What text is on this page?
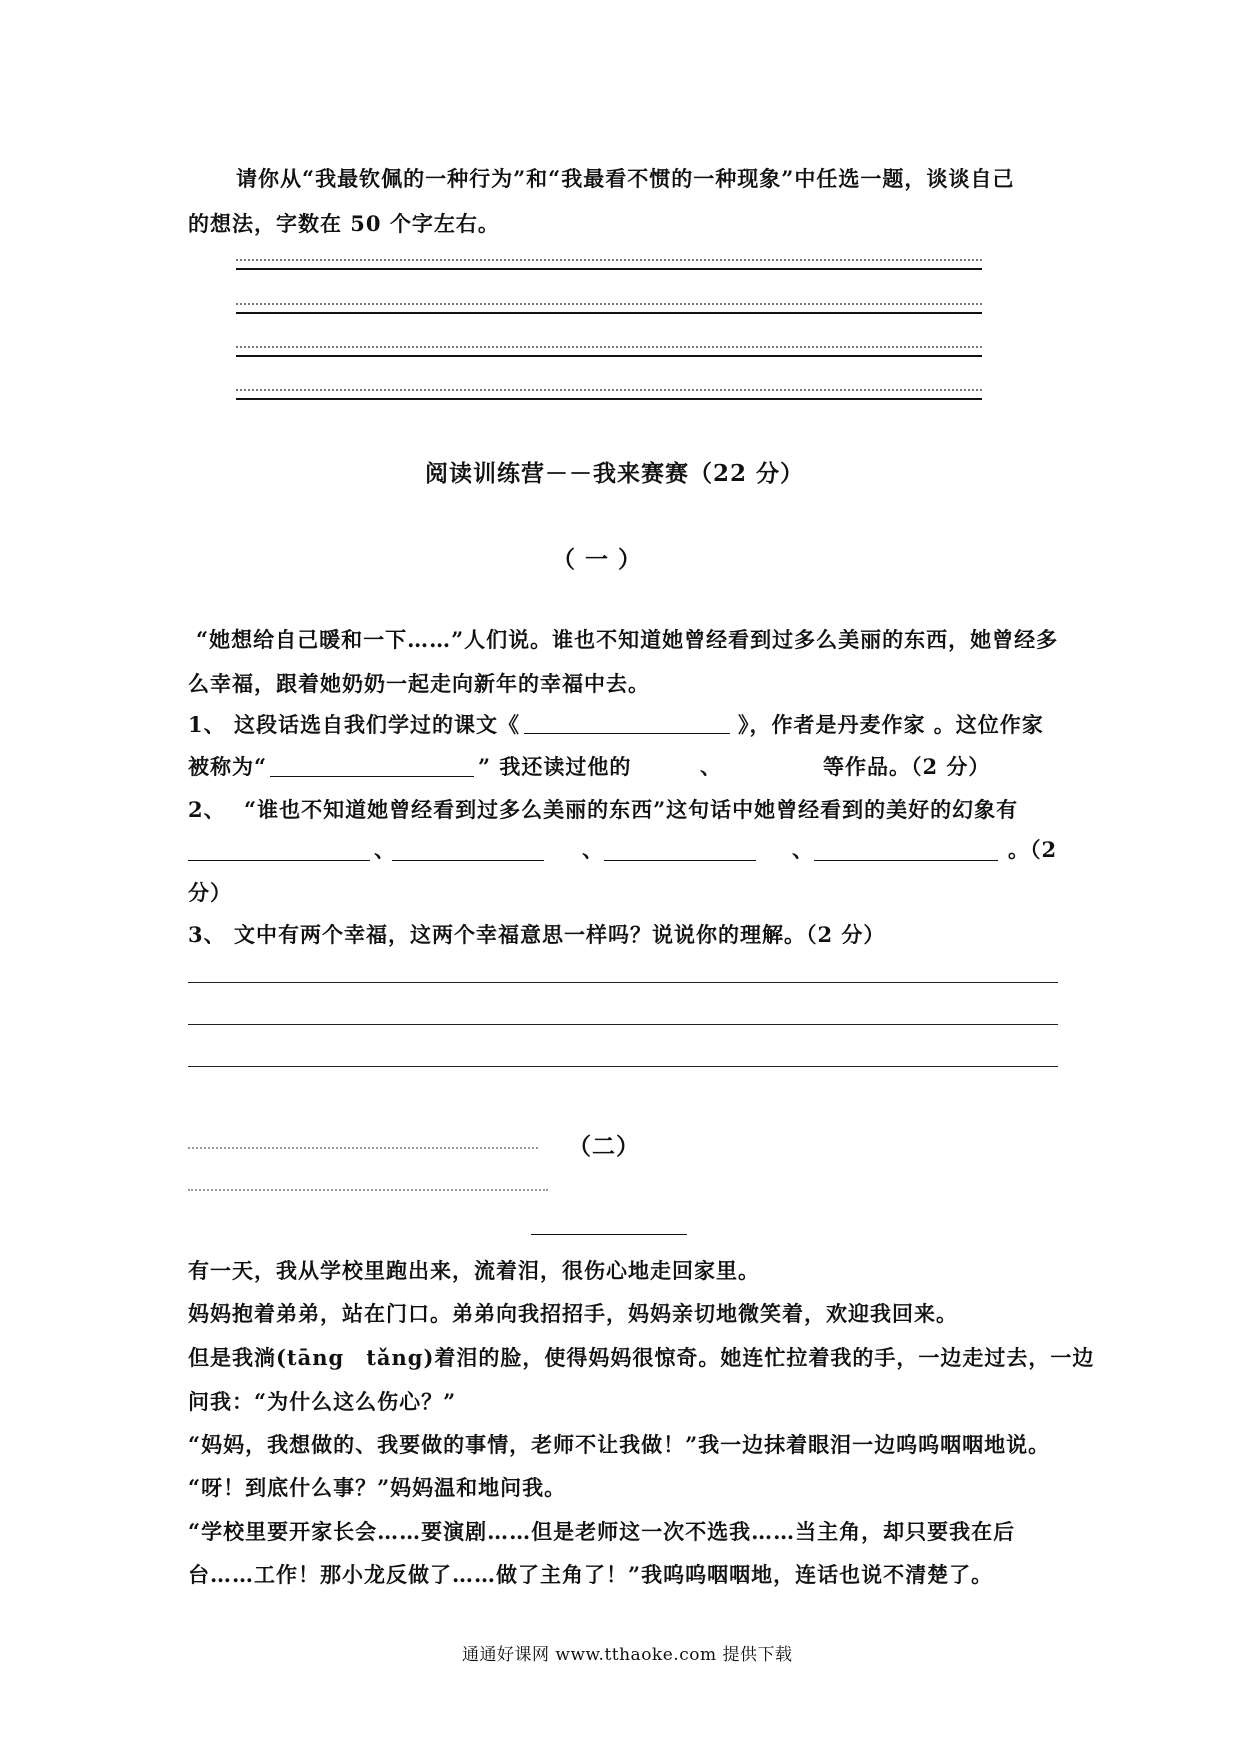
请你从“我最钦佩的一种行为”和“我最看不惯的一种现象”中任选一题，谈谈自己
的想法，字数在 50 个字左右。
阅读训练营－－我来赛赛（22 分）
（ 一 ）
“她想给自己暖和一下……”人们说。谁也不知道她曾经看到过多么美丽的东西，她曾经多
么幸福，跟着她奶奶一起走向新年的幸福中去。
1、 这段话选自我们学过的课文《	》，作者是丹麦作家 。这位作家
被称为“	” 我还读过他的	、	等作品。（2 分）
2、 “谁也不知道她曾经看到过多么美丽的东西”这句话中她曾经看到的美好的幻象有
、	、	、	。（2
分）
3、 文中有两个幸福，这两个幸福意思一样吗？说说你的理解。（2 分）
（二）
有一天，我从学校里跑出来，流着泪，很伤心地走回家里。
妈妈抱着弟弟，站在门口。弟弟向我招招手，妈妈亲切地微笑着，欢迎我回来。
但是我淌(tāng　tǎng)着泪的脸，使得妈妈很惊奇。她连忙拉着我的手，一边走过去，一边
问我：“为什么这么伤心？”
“妈妈，我想做的、我要做的事情，老师不让我做！”我一边抹着眼泪一边呜呜咽咽地说。
“呀！到底什么事？”妈妈温和地问我。
“学校里要开家长会……要演剧……但是老师这一次不选我……当主角，却只要我在后
台……工作！那小龙反做了……做了主角了！”我呜呜咽咽地，连话也说不清楚了。
通通好课网 www.tthaoke.com 提供下载
